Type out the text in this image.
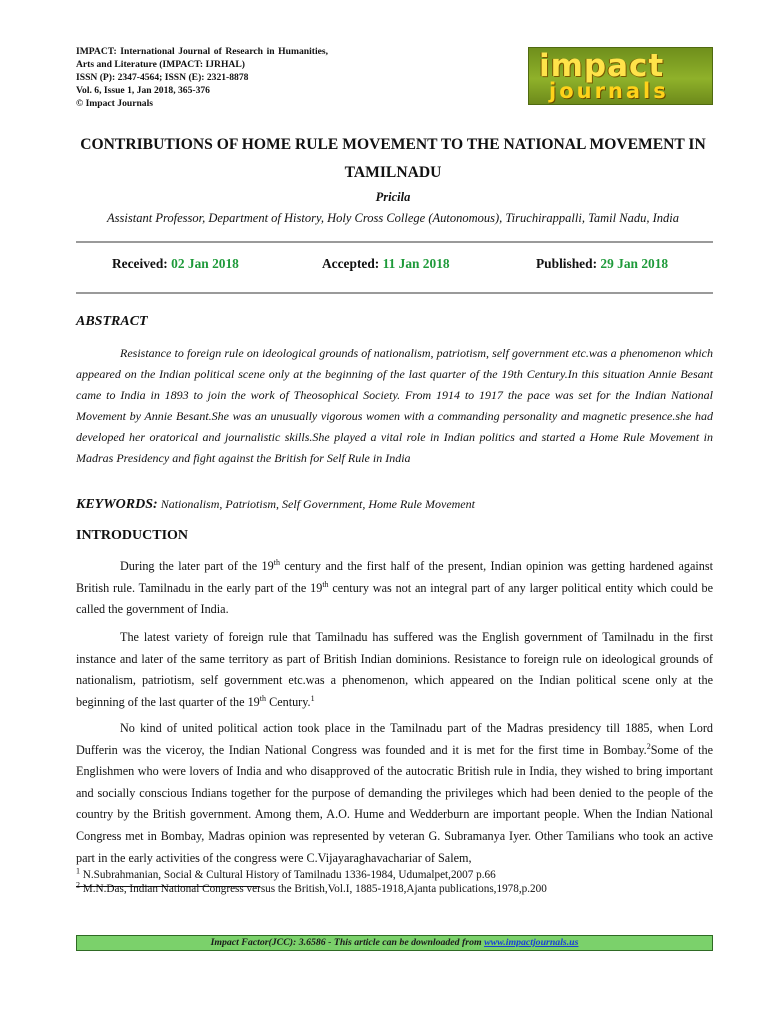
IMPACT: International Journal of Research in Humanities, Arts and Literature (IMPACT: IJRHAL)
ISSN (P): 2347-4564; ISSN (E): 2321-8878
Vol. 6, Issue 1, Jan 2018, 365-376
© Impact Journals
impact
journals
CONTRIBUTIONS OF HOME RULE MOVEMENT TO THE NATIONAL MOVEMENT IN TAMILNADU
Pricila
Assistant Professor, Department of History, Holy Cross College (Autonomous), Tiruchirappalli, Tamil Nadu, India
Received: 02 Jan 2018	Accepted: 11 Jan 2018	Published: 29 Jan 2018
ABSTRACT

Resistance to foreign rule on ideological grounds of nationalism, patriotism, self government etc.was a phenomenon which appeared on the Indian political scene only at the beginning of the last quarter of the 19th Century.In this situation Annie Besant came to India in 1893 to join the work of Theosophical Society. From 1914 to 1917 the pace was set for the Indian National Movement by Annie Besant.She was an unusually vigorous women with a commanding personality and magnetic presence.she had developed her oratorical and journalistic skills.She played a vital role in Indian politics and started a Home Rule Movement in Madras Presidency and fight against the British for Self Rule in India

KEYWORDS: Nationalism, Patriotism, Self Government, Home Rule Movement
INTRODUCTION

During the later part of the 19th century and the first half of the present, Indian opinion was getting hardened against British rule. Tamilnadu in the early part of the 19th century was not an integral part of any larger political entity which could be called the government of India.

The latest variety of foreign rule that Tamilnadu has suffered was the English government of Tamilnadu in the first instance and later of the same territory as part of British Indian dominions. Resistance to foreign rule on ideological grounds of nationalism, patriotism, self government etc.was a phenomenon, which appeared on the Indian political scene only at the beginning of the last quarter of the 19th Century.$^1$

No kind of united political action took place in the Tamilnadu part of the Madras presidency till 1885, when Lord Dufferin was the viceroy, the Indian National Congress was founded and it is met for the first time in Bombay.$^2$Some of the Englishmen who were lovers of India and who disapproved of the autocratic British rule in India, they wished to bring important and socially conscious Indians together for the purpose of demanding the privileges which had been denied to the people of the country by the British government. Among them, A.O. Hume and Wedderburn are important people. When the Indian National Congress met in Bombay, Madras opinion was represented by veteran G. Subramanya Iyer. Other Tamilians who took an active part in the early activities of the congress were C.Vijayaraghavachariar of Salem,

$^1$ N.Subrahmanian, Social & Cultural History of Tamilnadu 1336-1984, Udumalpet,2007 p.66
$^2$ M.N.Das, Indian National Congress versus the British,Vol.I, 1885-1918,Ajanta publications,1978,p.200
Impact Factor(JCC): 3.6586 - This article can be downloaded from www.impactjournals.us
